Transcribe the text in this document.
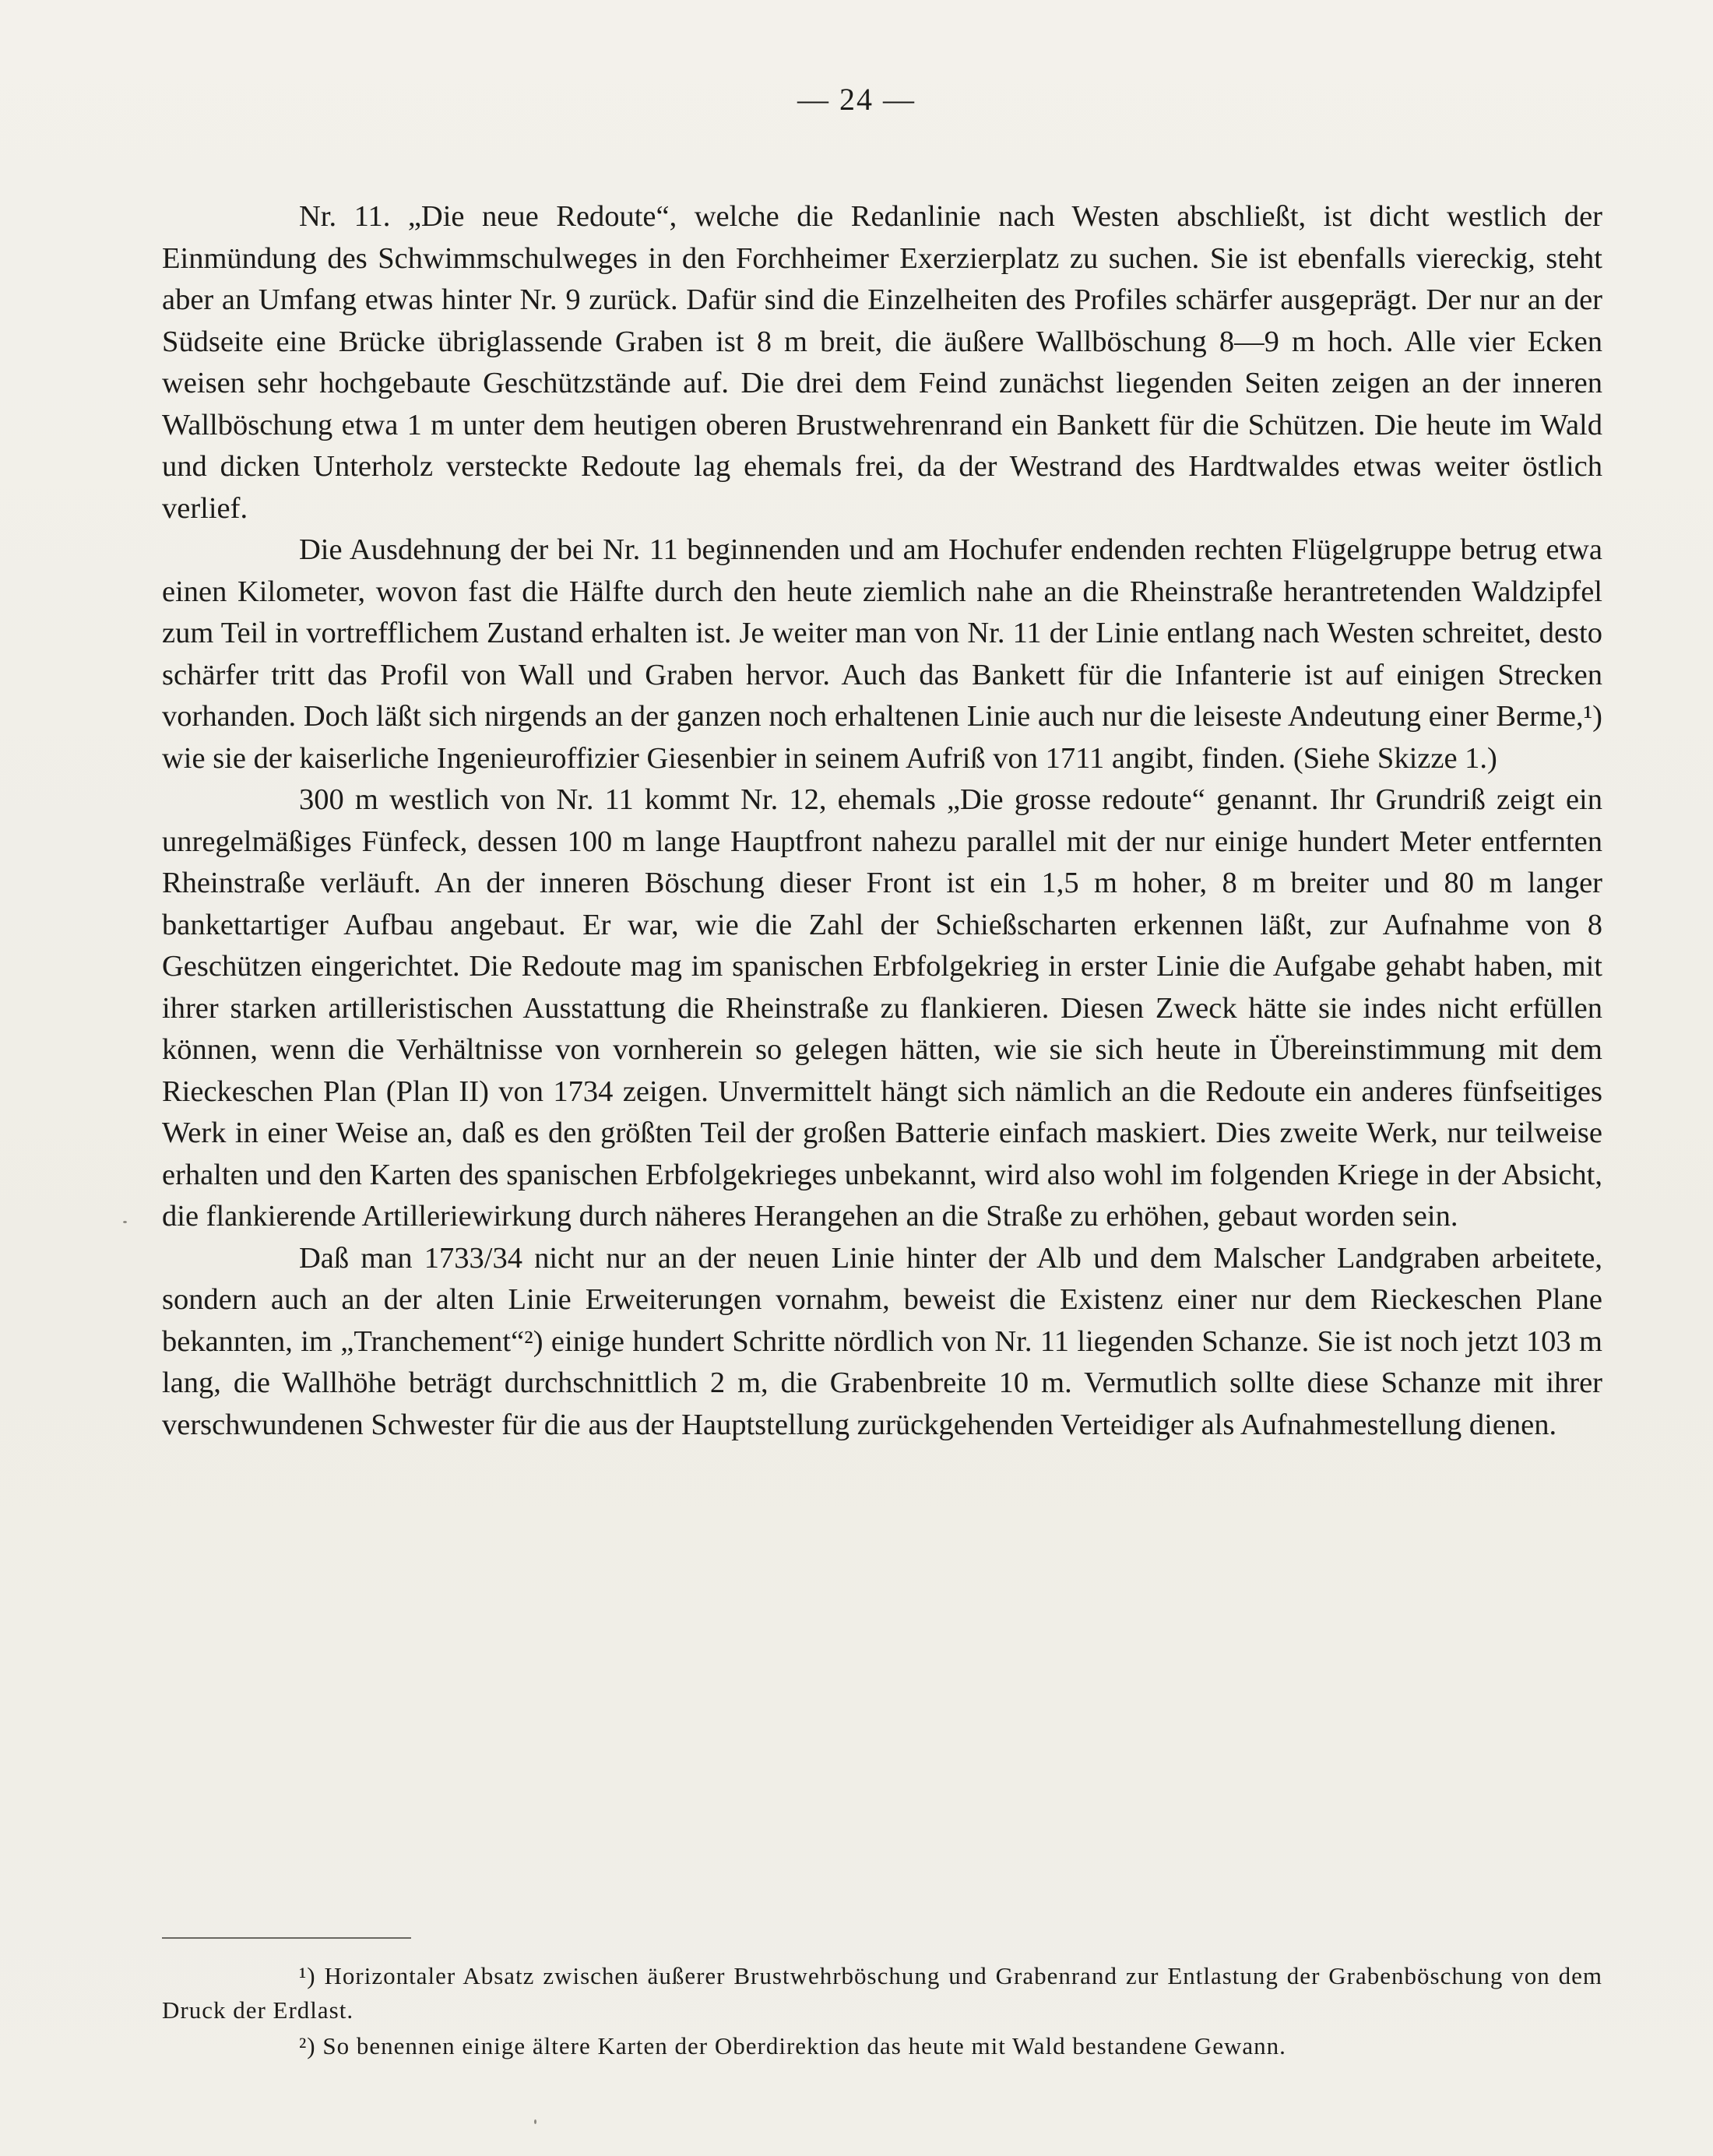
— 24 —

Nr. 11. „Die neue Redoute“, welche die Redanlinie nach Westen abschließt, ist dicht westlich der Einmündung des Schwimmschulweges in den Forchheimer Exerzierplatz zu suchen. Sie ist ebenfalls viereckig, steht aber an Umfang etwas hinter Nr. 9 zurück. Dafür sind die Einzelheiten des Profiles schärfer ausgeprägt. Der nur an der Südseite eine Brücke übriglassende Graben ist 8 m breit, die äußere Wallböschung 8—9 m hoch. Alle vier Ecken weisen sehr hochgebaute Geschützstände auf. Die drei dem Feind zunächst liegenden Seiten zeigen an der inneren Wallböschung etwa 1 m unter dem heutigen oberen Brustwehrenrand ein Bankett für die Schützen. Die heute im Wald und dicken Unterholz versteckte Redoute lag ehemals frei, da der Westrand des Hardtwaldes etwas weiter östlich verlief.

Die Ausdehnung der bei Nr. 11 beginnenden und am Hochufer endenden rechten Flügelgruppe betrug etwa einen Kilometer, wovon fast die Hälfte durch den heute ziemlich nahe an die Rheinstraße herantretenden Waldzipfel zum Teil in vortrefflichem Zustand erhalten ist. Je weiter man von Nr. 11 der Linie entlang nach Westen schreitet, desto schärfer tritt das Profil von Wall und Graben hervor. Auch das Bankett für die Infanterie ist auf einigen Strecken vorhanden. Doch läßt sich nirgends an der ganzen noch erhaltenen Linie auch nur die leiseste Andeutung einer Berme,¹) wie sie der kaiserliche Ingenieuroffizier Giesenbier in seinem Aufriß von 1711 angibt, finden. (Siehe Skizze 1.)

300 m westlich von Nr. 11 kommt Nr. 12, ehemals „Die grosse redoute“ genannt. Ihr Grundriß zeigt ein unregelmäßiges Fünfeck, dessen 100 m lange Hauptfront nahezu parallel mit der nur einige hundert Meter entfernten Rheinstraße verläuft. An der inneren Böschung dieser Front ist ein 1,5 m hoher, 8 m breiter und 80 m langer bankettartiger Aufbau angebaut. Er war, wie die Zahl der Schießscharten erkennen läßt, zur Aufnahme von 8 Geschützen eingerichtet. Die Redoute mag im spanischen Erbfolgekrieg in erster Linie die Aufgabe gehabt haben, mit ihrer starken artilleristischen Ausstattung die Rheinstraße zu flankieren. Diesen Zweck hätte sie indes nicht erfüllen können, wenn die Verhältnisse von vornherein so gelegen hätten, wie sie sich heute in Übereinstimmung mit dem Rieckeschen Plan (Plan II) von 1734 zeigen. Unvermittelt hängt sich nämlich an die Redoute ein anderes fünfseitiges Werk in einer Weise an, daß es den größten Teil der großen Batterie einfach maskiert. Dies zweite Werk, nur teilweise erhalten und den Karten des spanischen Erbfolgekrieges unbekannt, wird also wohl im folgenden Kriege in der Absicht, die flankierende Artilleriewirkung durch näheres Herangehen an die Straße zu erhöhen, gebaut worden sein.

Daß man 1733/34 nicht nur an der neuen Linie hinter der Alb und dem Malscher Landgraben arbeitete, sondern auch an der alten Linie Erweiterungen vornahm, beweist die Existenz einer nur dem Rieckeschen Plane bekannten, im „Tranchement“²) einige hundert Schritte nördlich von Nr. 11 liegenden Schanze. Sie ist noch jetzt 103 m lang, die Wallhöhe beträgt durchschnittlich 2 m, die Grabenbreite 10 m. Vermutlich sollte diese Schanze mit ihrer verschwundenen Schwester für die aus der Hauptstellung zurückgehenden Verteidiger als Aufnahmestellung dienen.

¹) Horizontaler Absatz zwischen äußerer Brustwehrböschung und Grabenrand zur Entlastung der Grabenböschung von dem Druck der Erdlast.

²) So benennen einige ältere Karten der Oberdirektion das heute mit Wald bestandene Gewann.
